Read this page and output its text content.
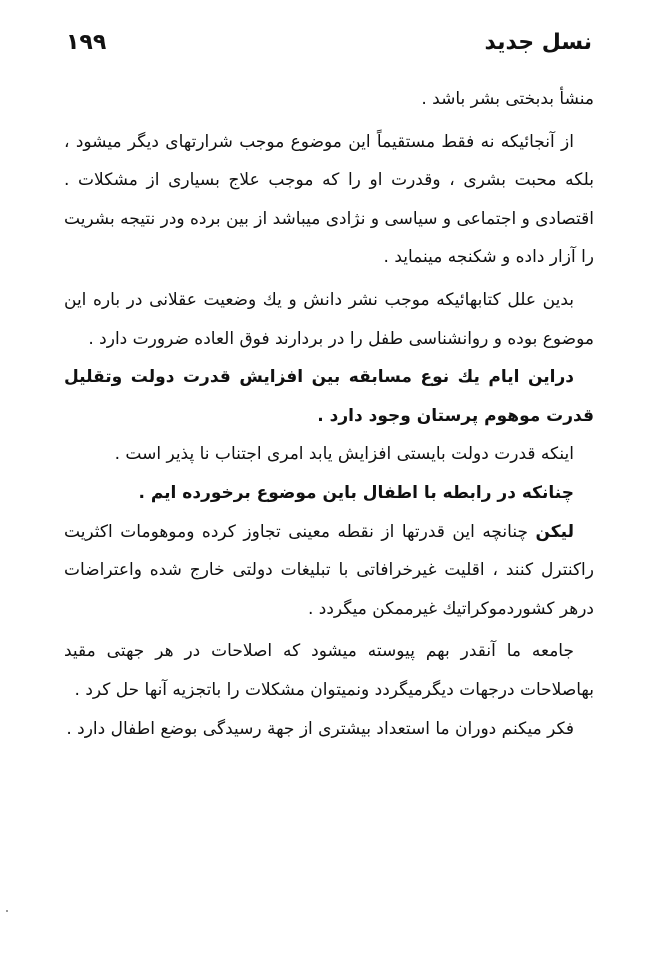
۱۹۹	نسل جدید

منشأ بدبختی بشر باشد .

از آنجائیکه نه فقط مستقیماً این موضوع موجب شرارتهای دیگر میشود ، بلکه محبت بشری ، وقدرت او را که موجب علاج بسیاری از مشکلات . اقتصادی و اجتماعی و سیاسی و نژادی میباشد از بین برده ودر نتیجه بشریت را آزار داده و شکنجه مینماید .

بدین علل کتابهائیکه موجب نشر دانش و یك وضعیت عقلانی در باره این موضوع بوده و روانشناسی طفل را در بردارند فوق العاده ضرورت دارد .

دراین ایام یك نوع مسابقه بین افزایش قدرت دولت وتقلیل قدرت موهوم پرستان وجود دارد .

اینکه قدرت دولت بایستی افزایش یابد امری اجتناب نا پذیر است .

چنانکه در رابطه با اطفال باین موضوع برخورده ایم .

لیکن چنانچه این قدرتها از نقطه معینی تجاوز کرده وموهومات اکثریت راکنترل کنند ، اقلیت غیرخرافاتی با تبلیغات دولتی خارج شده واعتراضات درهر کشوردموکراتیك غیرممکن میگردد .

جامعه ما آنقدر بهم پیوسته میشود که اصلاحات در هر جهتی مقید بهاصلاحات درجهات دیگرمیگردد ونمیتوان مشکلات را باتجزیه آنها حل کرد .

فکر میکنم دوران ما استعداد بیشتری از جهة رسیدگی بوضع اطفال دارد .
